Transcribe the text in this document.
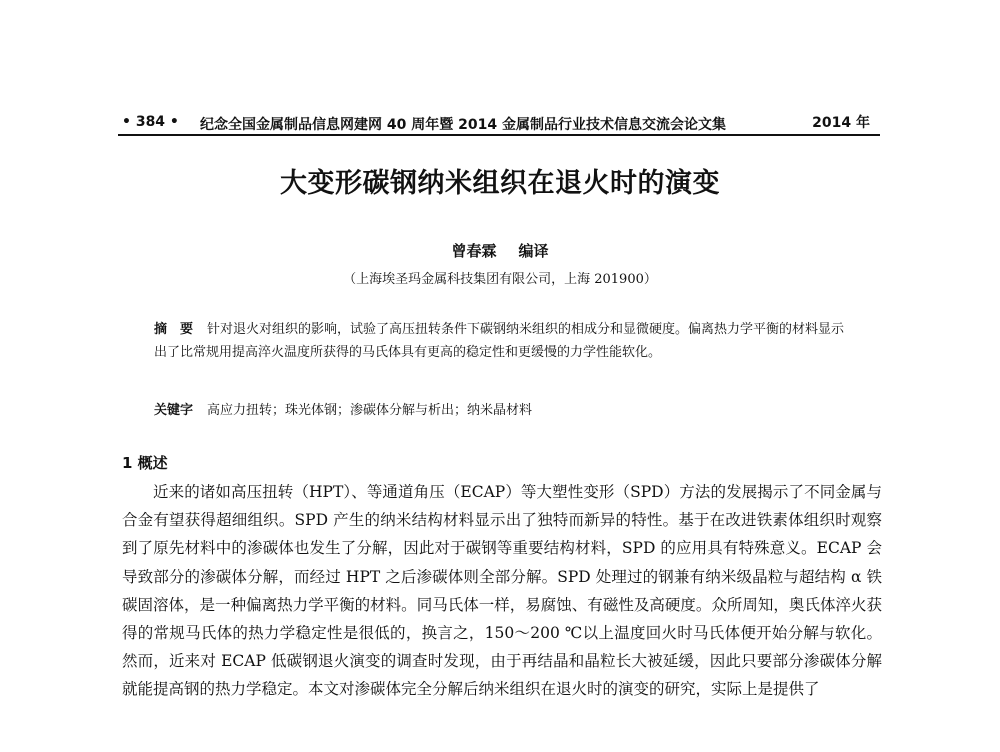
• 384 • 纪念全国金属制品信息网建网 40 周年暨 2014 金属制品行业技术信息交流会论文集	2014 年
大变形碳钢纳米组织在退火时的演变
曾春霖 编译
（上海埃圣玛金属科技集团有限公司，上海 201900）
摘　要 针对退火对组织的影响，试验了高压扭转条件下碳钢纳米组织的相成分和显微硬度。偏离热力学平衡的材料显示出了比常规用提高淬火温度所获得的马氏体具有更高的稳定性和更缓慢的力学性能软化。
关键字 高应力扭转；珠光体钢；渗碳体分解与析出；纳米晶材料
1 概述
近来的诸如高压扭转（HPT）、等通道角压（ECAP）等大塑性变形（SPD）方法的发展揭示了不同金属与合金有望获得超细组织。SPD 产生的纳米结构材料显示出了独特而新异的特性。基于在改进铁素体组织时观察到了原先材料中的渗碳体也发生了分解，因此对于碳钢等重要结构材料，SPD 的应用具有特殊意义。ECAP 会导致部分的渗碳体分解，而经过 HPT 之后渗碳体则全部分解。SPD 处理过的钢兼有纳米级晶粒与超结构 α 铁碳固溶体，是一种偏离热力学平衡的材料。同马氏体一样，易腐蚀、有磁性及高硬度。众所周知，奥氏体淬火获得的常规马氏体的热力学稳定性是很低的，换言之，150～200 ℃以上温度回火时马氏体便开始分解与软化。然而，近来对 ECAP 低碳钢退火演变的调查时发现，由于再结晶和晶粒长大被延缓，因此只要部分渗碳体分解就能提高钢的热力学稳定。本文对渗碳体完全分解后纳米组织在退火时的演变的研究，实际上是提供了
